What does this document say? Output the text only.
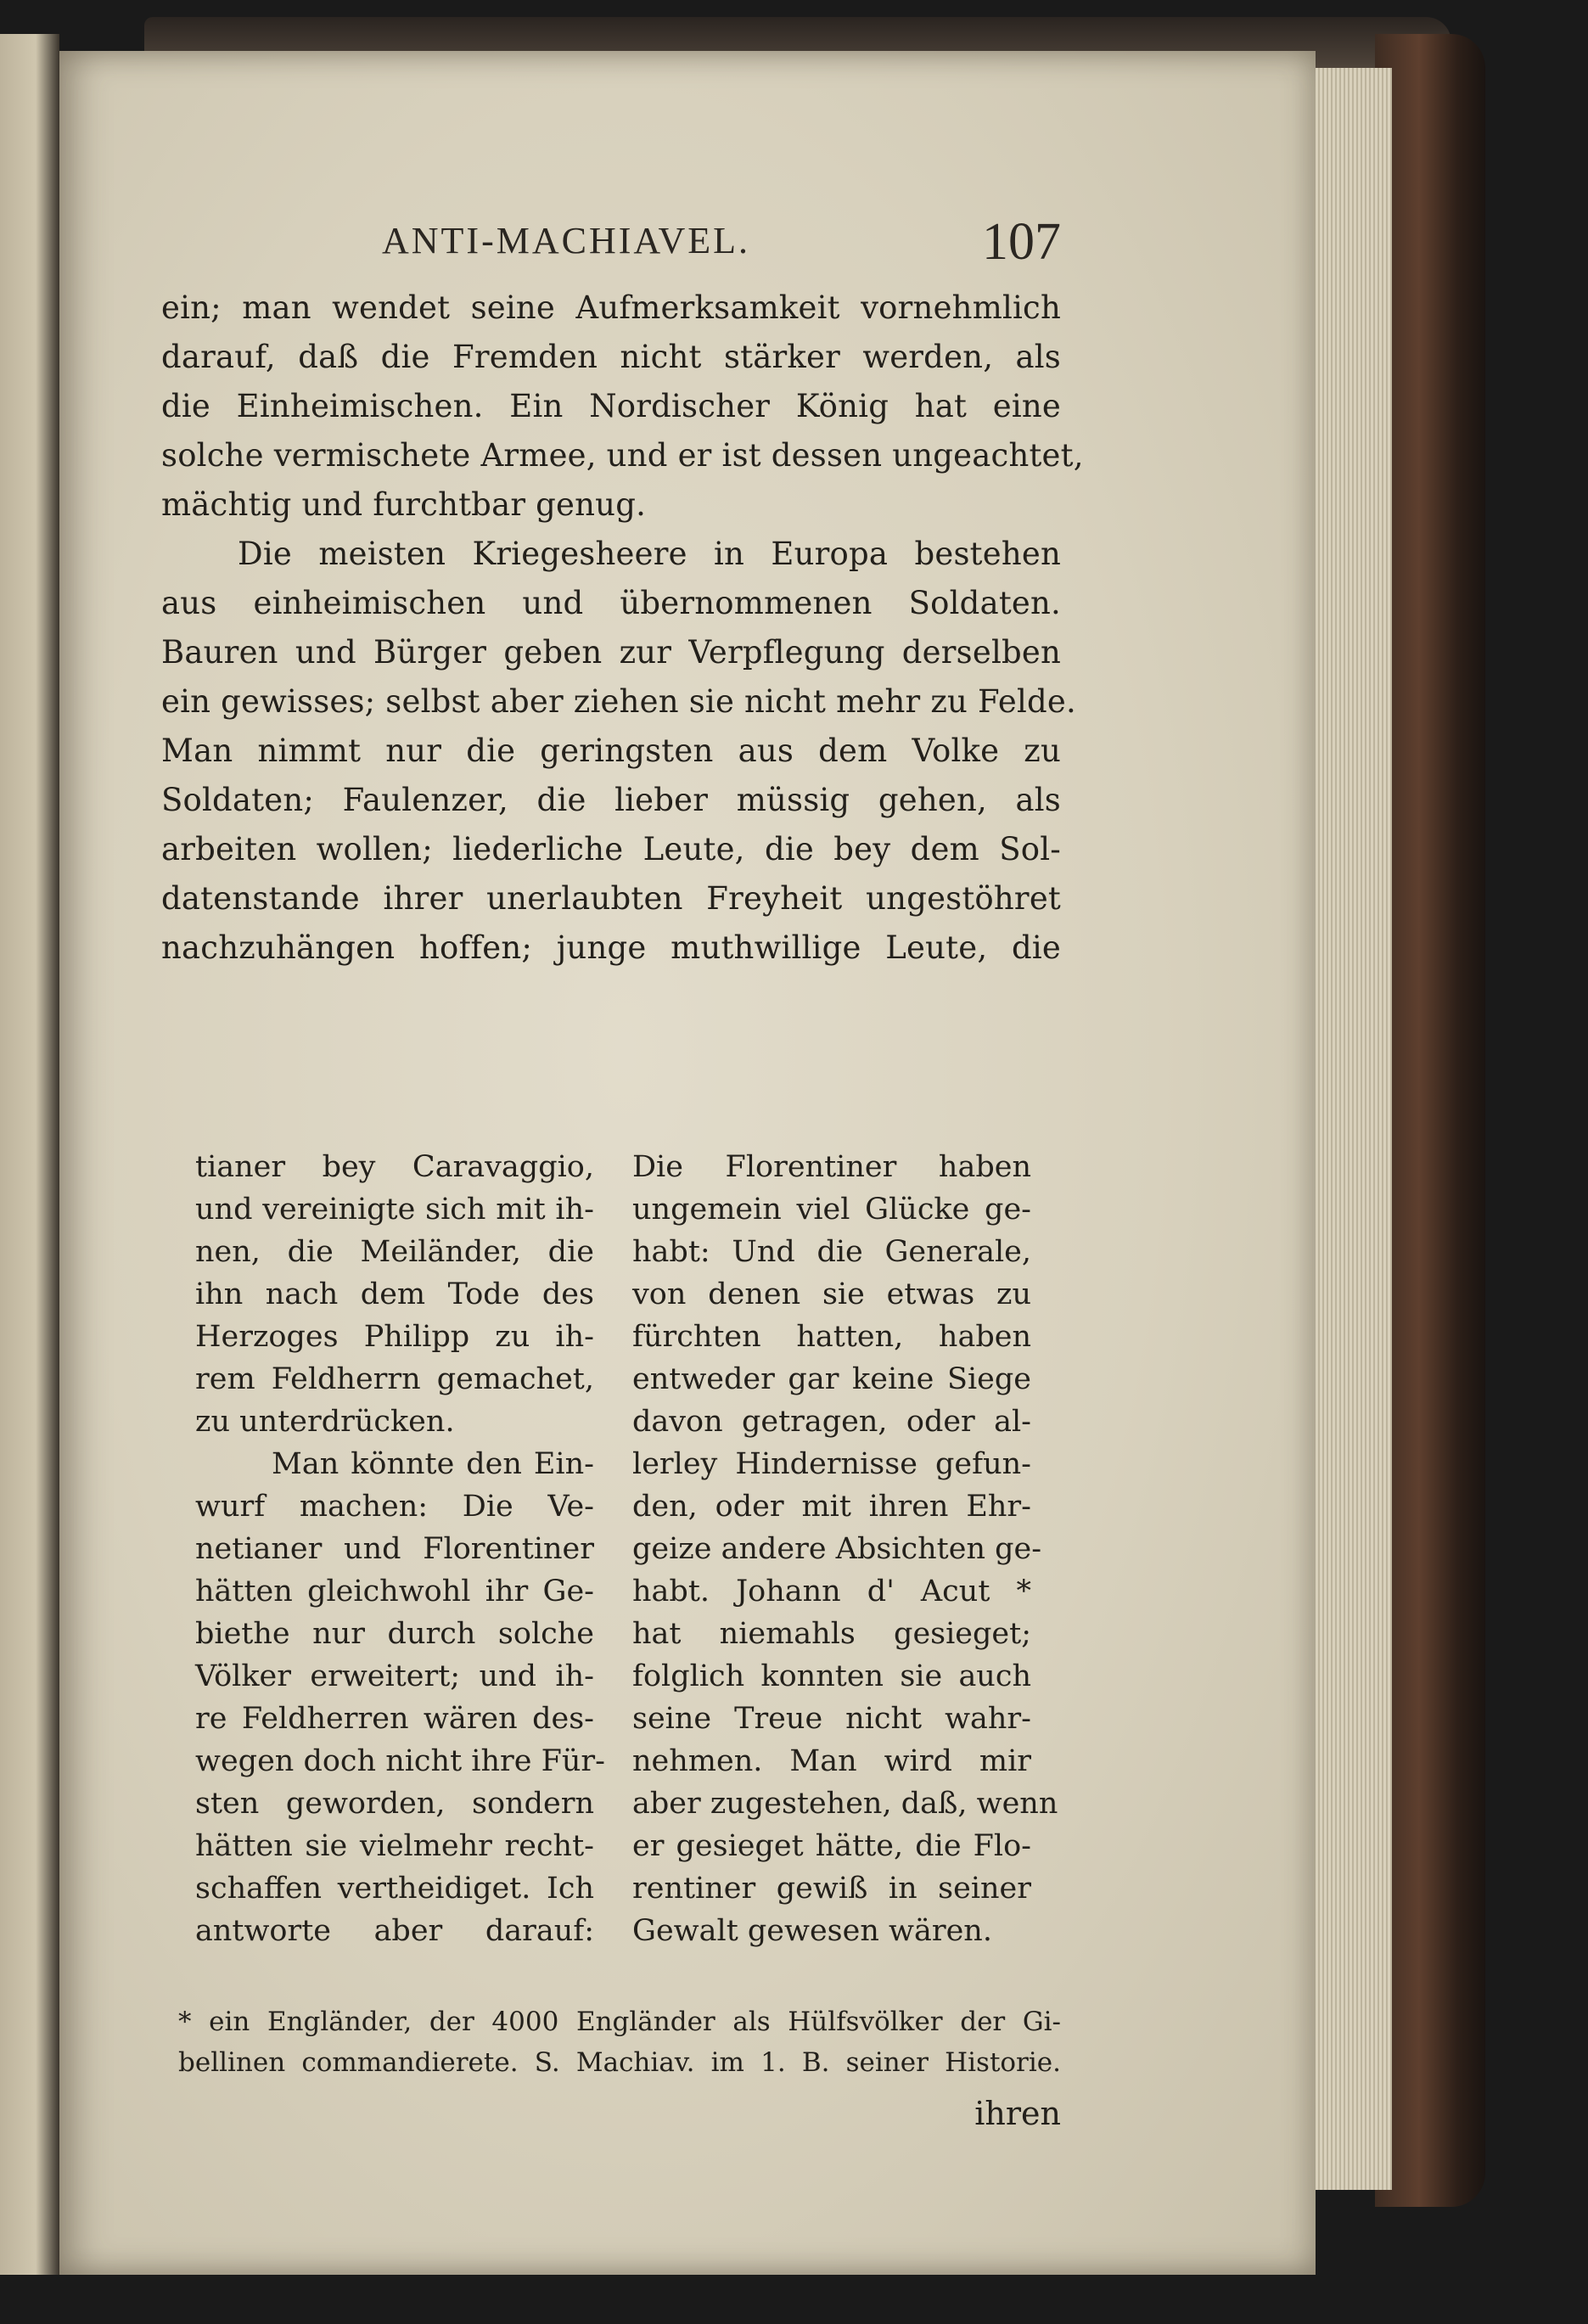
ANTI-MACHIAVEL.	107
ein; man wendet seine Aufmerksamkeit vornehmlich
darauf, daß die Fremden nicht stärker werden, als
die Einheimischen. Ein Nordischer König hat eine
solche vermischete Armee, und er ist dessen ungeachtet,
mächtig und furchtbar genug.
Die meisten Kriegesheere in Europa bestehen
aus einheimischen und übernommenen Soldaten.
Bauren und Bürger geben zur Verpflegung derselben
ein gewisses; selbst aber ziehen sie nicht mehr zu Felde.
Man nimmt nur die geringsten aus dem Volke zu
Soldaten; Faulenzer, die lieber müssig gehen, als
arbeiten wollen; liederliche Leute, die bey dem Sol-
datenstande ihrer unerlaubten Freyheit ungestöhret
nachzuhängen hoffen; junge muthwillige Leute, die
tianer bey Caravaggio,
und vereinigte sich mit ih-
nen, die Meiländer, die
ihn nach dem Tode des
Herzoges Philipp zu ih-
rem Feldherrn gemachet,
zu unterdrücken.
Man könnte den Ein-
wurf machen: Die Ve-
netianer und Florentiner
hätten gleichwohl ihr Ge-
biethe nur durch solche
Völker erweitert; und ih-
re Feldherren wären des-
wegen doch nicht ihre Für-
sten geworden, sondern
hätten sie vielmehr recht-
schaffen vertheidiget. Ich
antworte aber darauf:
Die Florentiner haben
ungemein viel Glücke ge-
habt: Und die Generale,
von denen sie etwas zu
fürchten hatten, haben
entweder gar keine Siege
davon getragen, oder al-
lerley Hindernisse gefun-
den, oder mit ihren Ehr-
geize andere Absichten ge-
habt. Johann d' Acut *
hat niemahls gesieget;
folglich konnten sie auch
seine Treue nicht wahr-
nehmen. Man wird mir
aber zugestehen, daß, wenn
er gesieget hätte, die Flo-
rentiner gewiß in seiner
Gewalt gewesen wären.
* ein Engländer, der 4000 Engländer als Hülfsvölker der Gi-
bellinen commandierete. S. Machiav. im 1. B. seiner Historie.
ihren
